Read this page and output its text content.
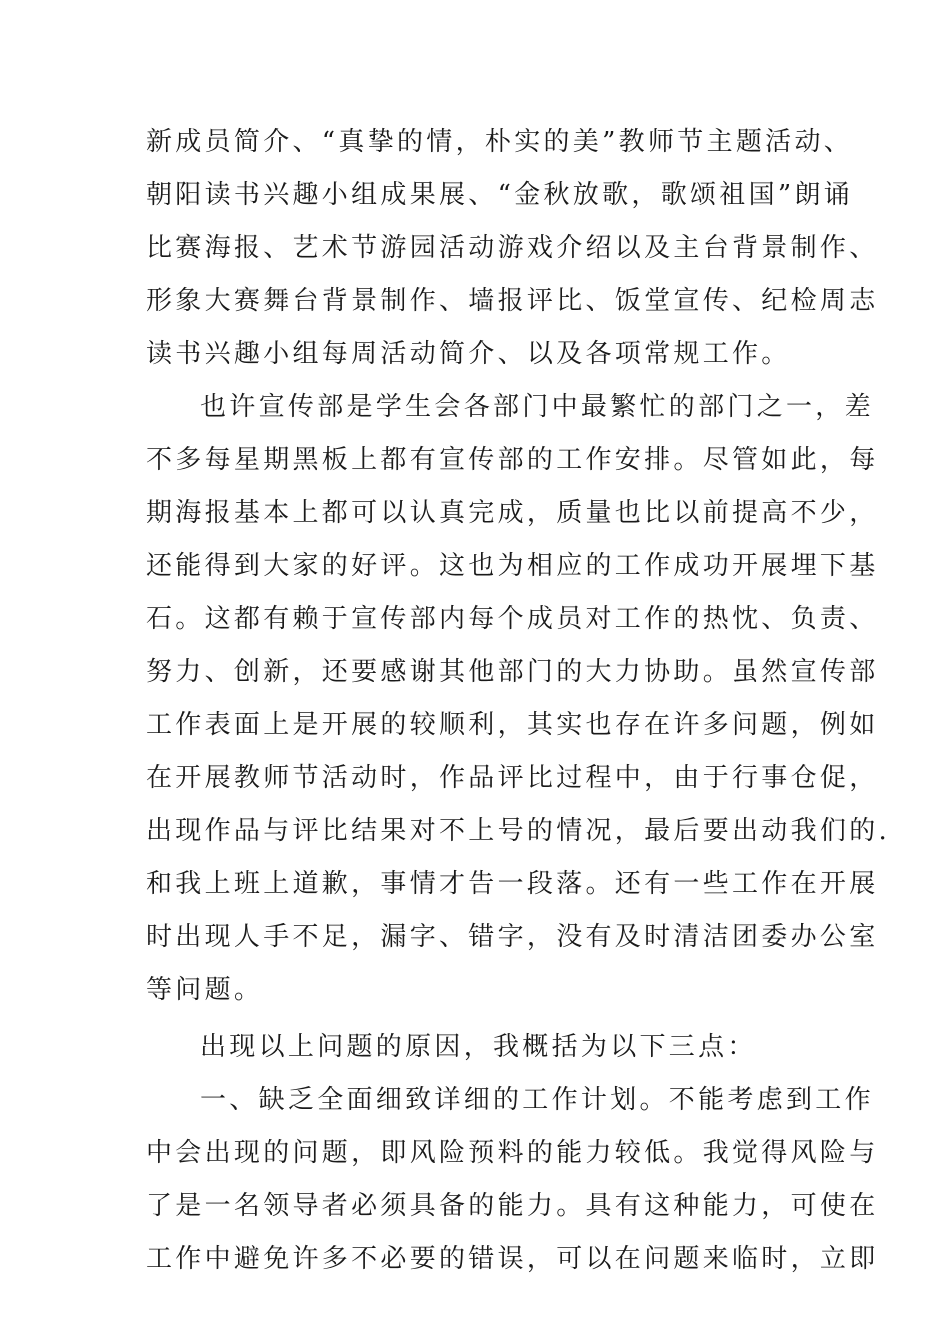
新成员简介、“真挚的情，朴实的美”教师节主题活动、
朝阳读书兴趣小组成果展、“金秋放歌，歌颂祖国”朗诵
比赛海报、艺术节游园活动游戏介绍以及主台背景制作、
形象大赛舞台背景制作、墙报评比、饭堂宣传、纪检周志
读书兴趣小组每周活动简介、以及各项常规工作。
也许宣传部是学生会各部门中最繁忙的部门之一，差
不多每星期黑板上都有宣传部的工作安排。尽管如此，每
期海报基本上都可以认真完成，质量也比以前提高不少，
还能得到大家的好评。这也为相应的工作成功开展埋下基
石。这都有赖于宣传部内每个成员对工作的热忱、负责、
努力、创新，还要感谢其他部门的大力协助。虽然宣传部
工作表面上是开展的较顺利，其实也存在许多问题，例如
在开展教师节活动时，作品评比过程中，由于行事仓促，
出现作品与评比结果对不上号的情况，最后要出动我们的.
和我上班上道歉，事情才告一段落。还有一些工作在开展
时出现人手不足，漏字、错字，没有及时清洁团委办公室
等问题。
出现以上问题的原因，我概括为以下三点：
一、缺乏全面细致详细的工作计划。不能考虑到工作
中会出现的问题，即风险预料的能力较低。我觉得风险与
了是一名领导者必须具备的能力。具有这种能力，可使在
工作中避免许多不必要的错误，可以在问题来临时，立即
